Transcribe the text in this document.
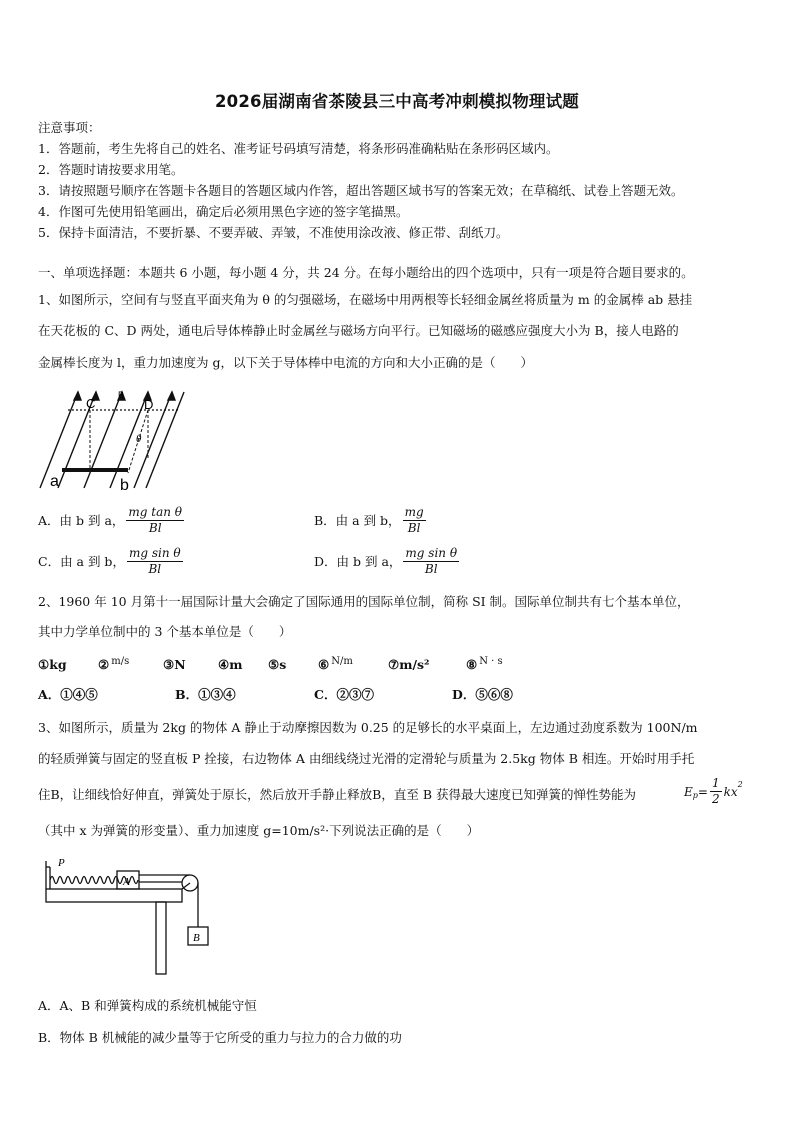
2026届湖南省茶陵县三中高考冲刺模拟物理试题
注意事项：
1．答题前，考生先将自己的姓名、准考证号码填写清楚，将条形码准确粘贴在条形码区域内。
2．答题时请按要求用笔。
3．请按照题号顺序在答题卡各题目的答题区域内作答，超出答题区域书写的答案无效；在草稿纸、试卷上答题无效。
4．作图可先使用铅笔画出，确定后必须用黑色字迹的签字笔描黑。
5．保持卡面清洁，不要折暴、不要弄破、弄皱，不准使用涂改液、修正带、刮纸刀。
一、单项选择题：本题共 6 小题，每小题 4 分，共 24 分。在每小题给出的四个选项中，只有一项是符合题目要求的。
1、如图所示，空间有与竖直平面夹角为 θ 的匀强磁场，在磁场中用两根等长轻细金属丝将质量为 m 的金属棒 ab 悬挂
在天花板的 C、D 两处，通电后导体棒静止时金属丝与磁场方向平行。已知磁场的磁感应强度大小为 B，接人电路的
金属棒长度为 l，重力加速度为 g，以下关于导体棒中电流的方向和大小正确的是（　　）
C
B
D
θ
a	b
A．由 b 到 a， $\frac{\text{mg tan θ}}{Bl}$	B．由 a 到 b， $\frac{mg}{Bl}$
C．由 a 到 b， $\frac{\text{mg sin θ}}{Bl}$	D．由 b 到 a， $\frac{\text{mg sin θ}}{Bl}$
2、1960 年 10 月第十一届国际计量大会确定了国际通用的国际单位制，简称 SI 制。国际单位制共有七个基本单位，
其中力学单位制中的 3 个基本单位是（　　）
①kg	② $^{m/s}$	③N	④m ⑤s	⑥ $^{N/m}$	⑦m/s²	⑧ $^{N \cdot s}$
A．①④⑤	B．①③④	C．②③⑦	D．⑤⑥⑧
3、如图所示，质量为 2kg 的物体 A 静止于动摩擦因数为 0.25 的足够长的水平桌面上，左边通过劲度系数为 100N/m
的轻质弹簧与固定的竖直板 P 拴接，右边物体 A 由细线绕过光滑的定滑轮与质量为 2.5kg 物体 B 相连。开始时用手托
住B，让细线恰好伸直，弹簧处于原长，然后放开手静止释放B，直至 B 获得最大速度已知弹簧的惮性势能为	E $p = \frac{1}{2}$ kx 2
（其中 x 为弹簧的形变量）、重力加速度 g=10m/s²·下列说法正确的是（　　）
P
A
B
A．A、B 和弹簧构成的系统机械能守恒
B．物体 B 机械能的减少量等于它所受的重力与拉力的合力做的功
